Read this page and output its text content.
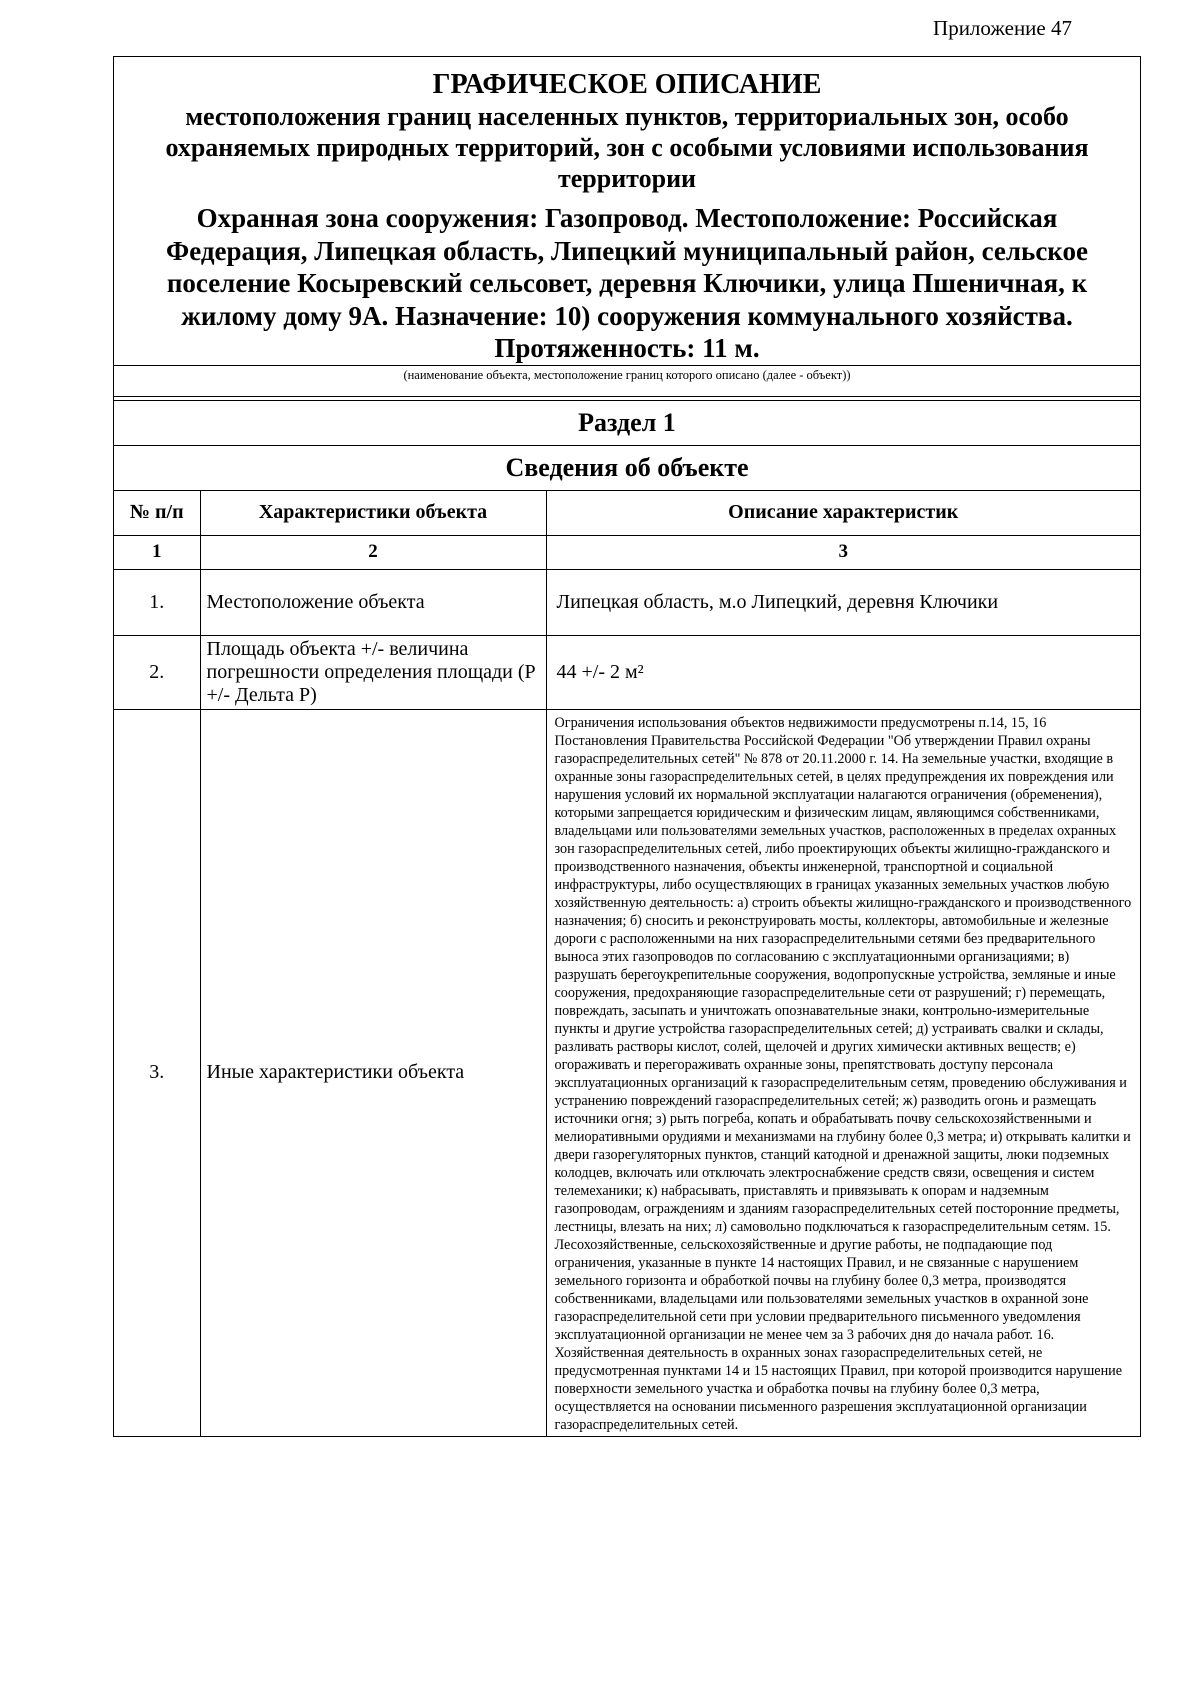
Приложение 47
ГРАФИЧЕСКОЕ ОПИСАНИЕ
местоположения границ населенных пунктов, территориальных зон, особо охраняемых природных территорий, зон с особыми условиями использования территории
Охранная зона сооружения: Газопровод. Местоположение: Российская Федерация, Липецкая область, Липецкий муниципальный район, сельское поселение Косыревский сельсовет, деревня Ключики, улица Пшеничная, к жилому дому 9А. Назначение: 10) сооружения коммунального хозяйства.
Протяженность: 11 м.
(наименование объекта, местоположение границ которого описано (далее - объект))
Раздел 1
Сведения об объекте
№ п/п	Характеристики объекта	Описание характеристик
1	2	3
1.	Местоположение объекта	Липецкая область, м.о Липецкий, деревня Ключики
2.	Площадь объекта +/- величина погрешности определения площади (Р +/- Дельта Р)	44 +/- 2 м²
3.	Иные характеристики объекта	Ограничения использования объектов недвижимости предусмотрены п.14, 15, 16 Постановления Правительства Российской Федерации "Об утверждении Правил охраны газораспределительных сетей" № 878 от 20.11.2000 г. 14. На земельные участки, входящие в охранные зоны газораспределительных сетей, в целях предупреждения их повреждения или нарушения условий их нормальной эксплуатации налагаются ограничения (обременения), которыми запрещается юридическим и физическим лицам, являющимся собственниками, владельцами или пользователями земельных участков, расположенных в пределах охранных зон газораспределительных сетей, либо проектирующих объекты жилищно-гражданского и производственного назначения, объекты инженерной, транспортной и социальной инфраструктуры, либо осуществляющих в границах указанных земельных участков любую хозяйственную деятельность: а) строить объекты жилищно-гражданского и производственного назначения; б) сносить и реконструировать мосты, коллекторы, автомобильные и железные дороги с расположенными на них газораспределительными сетями без предварительного выноса этих газопроводов по согласованию с эксплуатационными организациями; в) разрушать берегоукрепительные сооружения, водопропускные устройства, земляные и иные сооружения, предохраняющие газораспределительные сети от разрушений; г) перемещать, повреждать, засыпать и уничтожать опознавательные знаки, контрольно-измерительные пункты и другие устройства газораспределительных сетей; д) устраивать свалки и склады, разливать растворы кислот, солей, щелочей и других химически активных веществ; е) огораживать и перегораживать охранные зоны, препятствовать доступу персонала эксплуатационных организаций к газораспределительным сетям, проведению обслуживания и устранению повреждений газораспределительных сетей; ж) разводить огонь и размещать источники огня; з) рыть погреба, копать и обрабатывать почву сельскохозяйственными и мелиоративными орудиями и механизмами на глубину более 0,3 метра; и) открывать калитки и двери газорегуляторных пунктов, станций катодной и дренажной защиты, люки подземных колодцев, включать или отключать электроснабжение средств связи, освещения и систем телемеханики; к) набрасывать, приставлять и привязывать к опорам и надземным газопроводам, ограждениям и зданиям газораспределительных сетей посторонние предметы, лестницы, влезать на них; л) самовольно подключаться к газораспределительным сетям. 15. Лесохозяйственные, сельскохозяйственные и другие работы, не подпадающие под ограничения, указанные в пункте 14 настоящих Правил, и не связанные с нарушением земельного горизонта и обработкой почвы на глубину более 0,3 метра, производятся собственниками, владельцами или пользователями земельных участков в охранной зоне газораспределительной сети при условии предварительного письменного уведомления эксплуатационной организации не менее чем за 3 рабочих дня до начала работ. 16. Хозяйственная деятельность в охранных зонах газораспределительных сетей, не предусмотренная пунктами 14 и 15 настоящих Правил, при которой производится нарушение поверхности земельного участка и обработка почвы на глубину более 0,3 метра, осуществляется на основании письменного разрешения эксплуатационной организации газораспределительных сетей.
